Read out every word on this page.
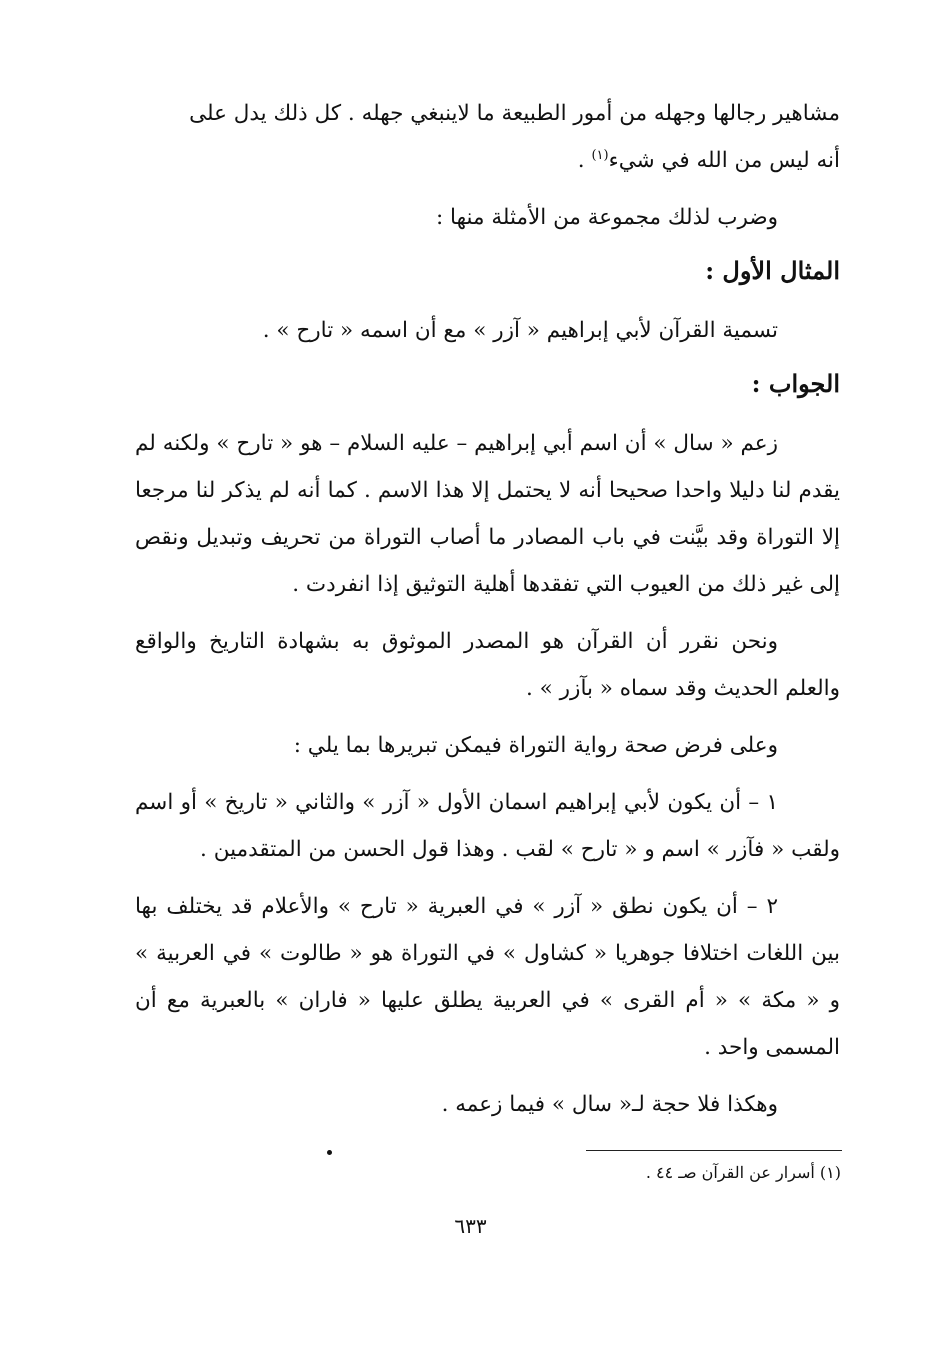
مشاهير رجالها وجهله من أمور الطبيعة ما لاينبغي جهله . كل ذلك يدل على

أنه ليس من الله في شيء$^{(١)}$ .

وضرب لذلك مجموعة من الأمثلة منها :

المثال الأول :

تسمية القرآن لأبي إبراهيم « آزر » مع أن اسمه « تارح » .

الجواب :

زعم « سال » أن اسم أبي إبراهيم – عليه السلام – هو « تارح » ولكنه لم يقدم لنا دليلا واحدا صحيحا أنه لا يحتمل إلا هذا الاسم . كما أنه لم يذكر لنا مرجعا إلا التوراة وقد بيَّنت في باب المصادر ما أصاب التوراة من تحريف وتبديل ونقص إلى غير ذلك من العيوب التي تفقدها أهلية التوثيق إذا انفردت .

ونحن نقرر أن القرآن هو المصدر الموثوق به بشهادة التاريخ والواقع والعلم الحديث وقد سماه « بآزر » .

وعلى فرض صحة رواية التوراة فيمكن تبريرها بما يلي :

١ – أن يكون لأبي إبراهيم اسمان الأول « آزر » والثاني « تاريخ » أو اسم ولقب « فآزر » اسم و « تارح » لقب . وهذا قول الحسن من المتقدمين .

٢ – أن يكون نطق « آزر » في العبرية « تارح » والأعلام قد يختلف بها بين اللغات اختلافا جوهريا « كشاول » في التوراة هو « طالوت » في العربية » و « مكة » « أم القرى » في العربية يطلق عليها « فاران » بالعبرية مع أن المسمى واحد .

وهكذا فلا حجة لـ« سال » فيما زعمه .

(١) أسرار عن القرآن صـ ٤٤ .
٦٣٣
